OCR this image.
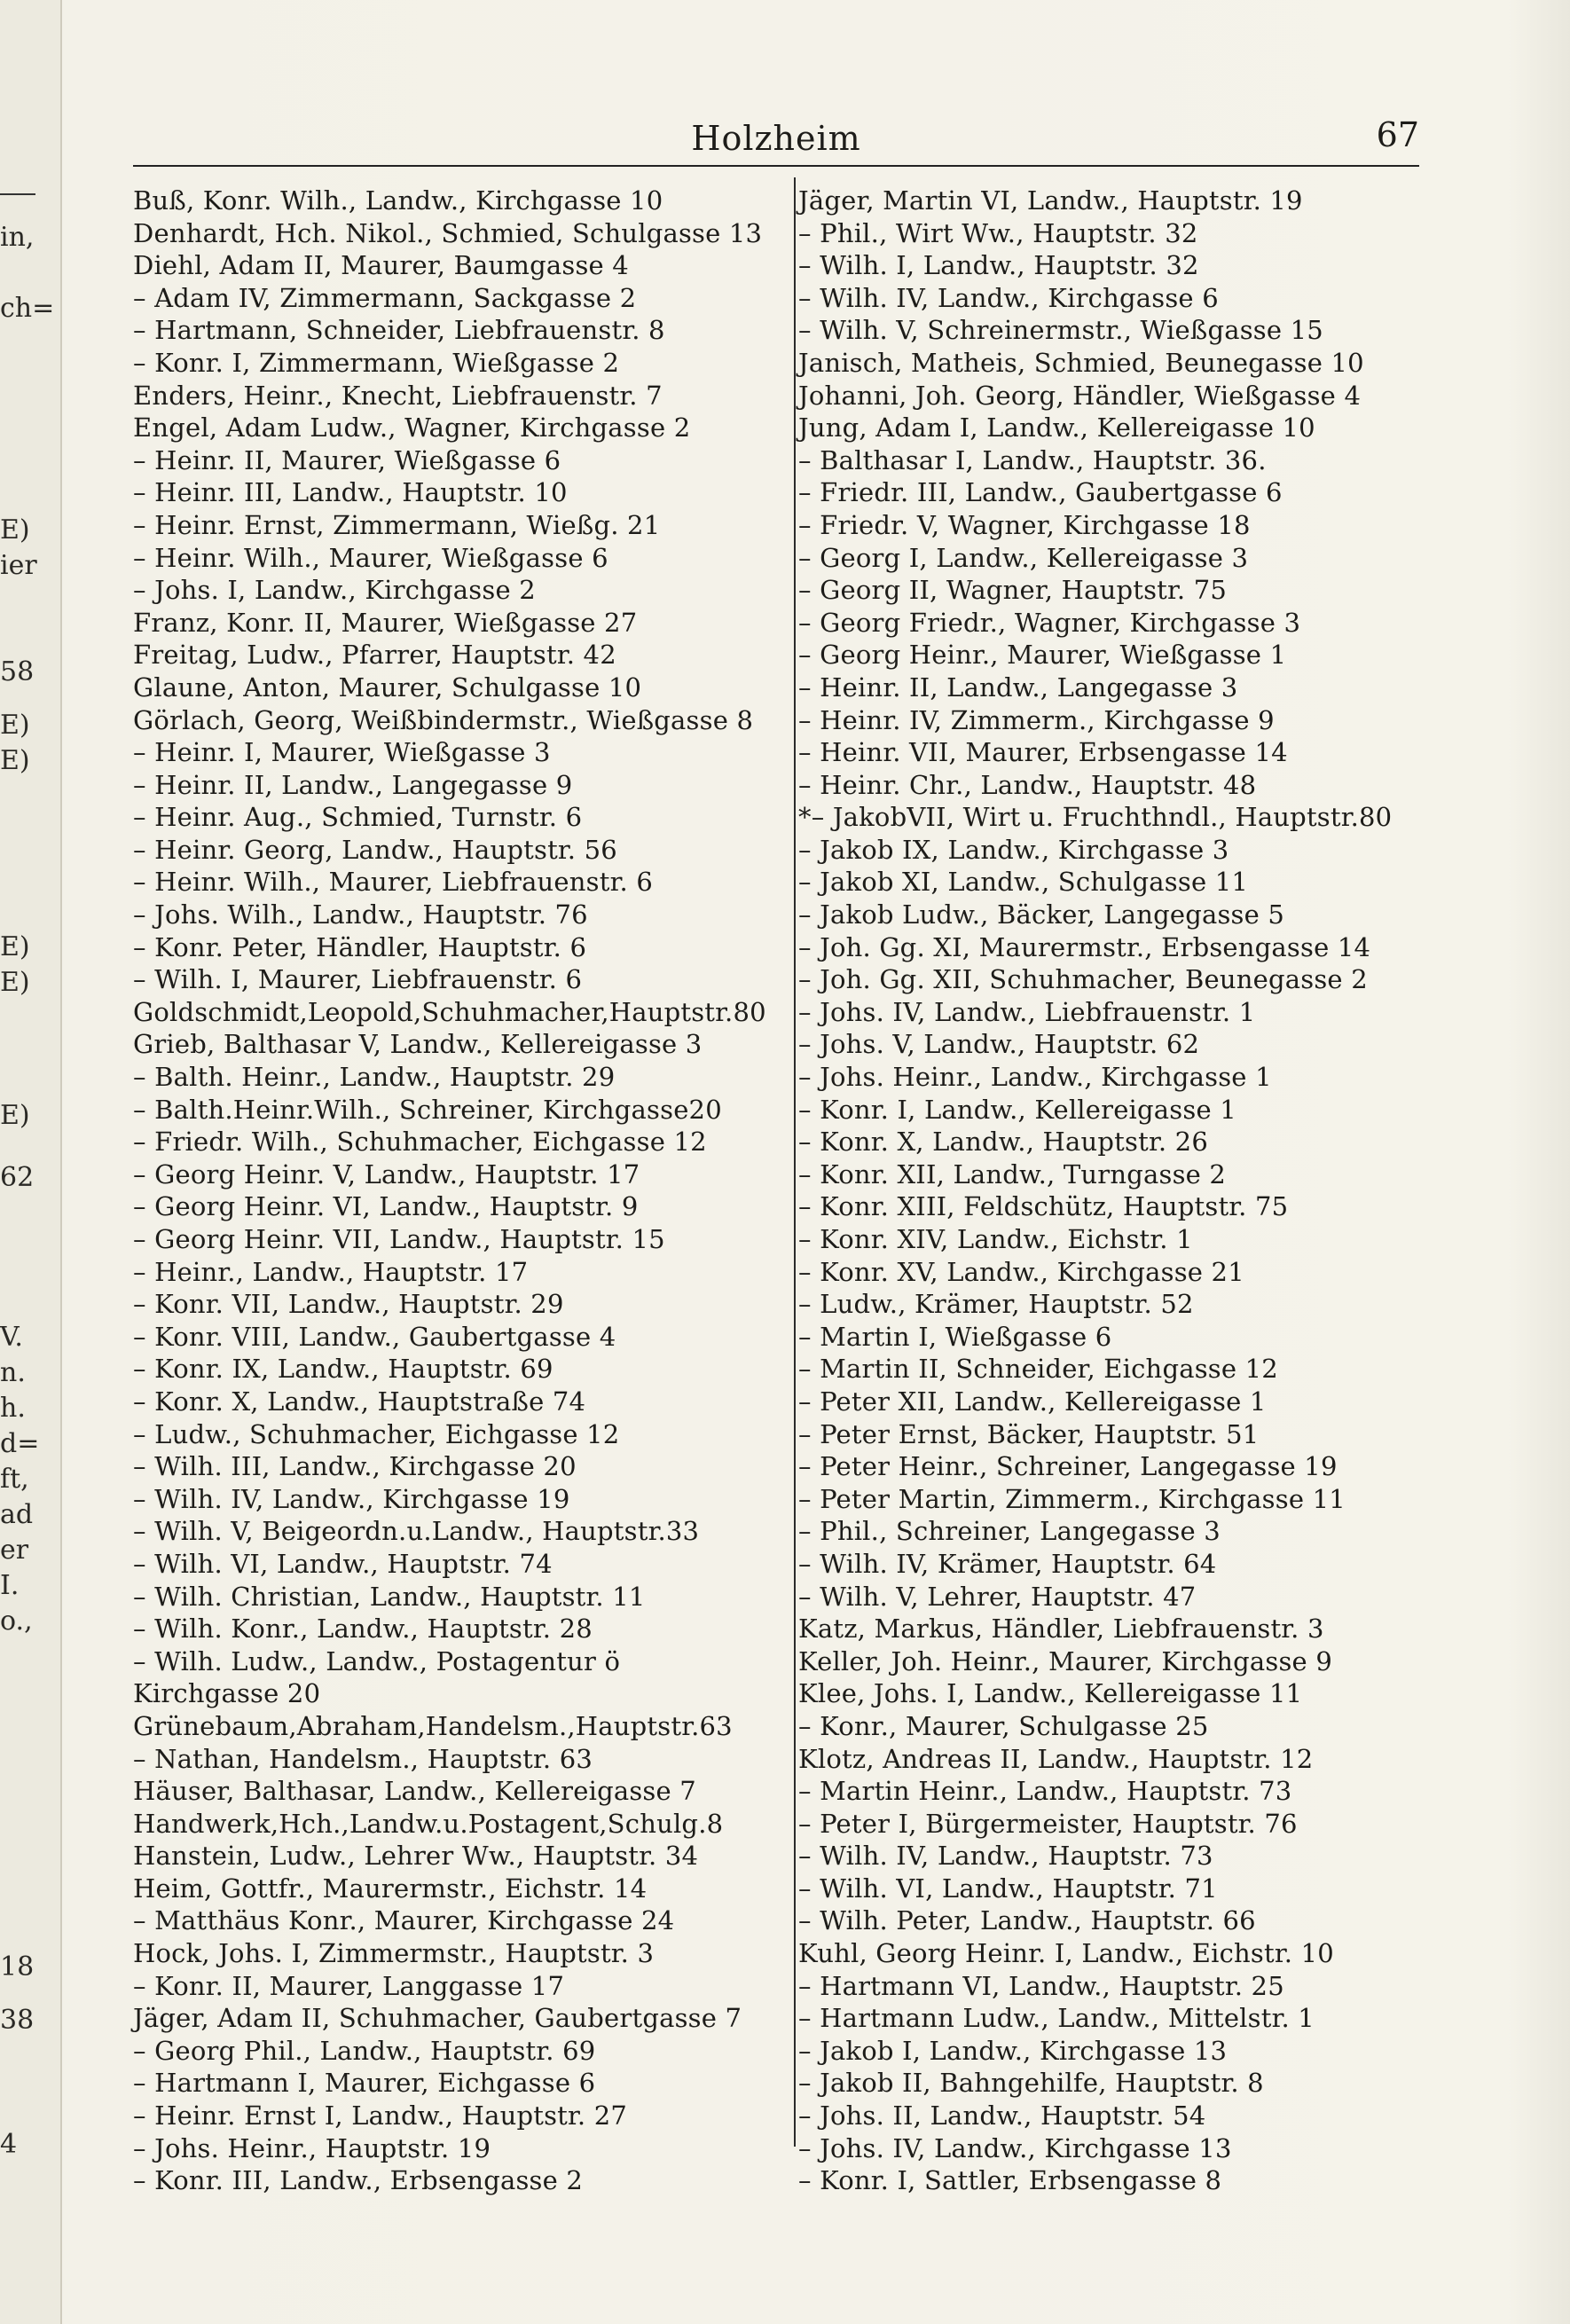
in,
ch=
E)
ier
58
E)
E)
E)
E)
E)
62
V.
n.
h.
d=
ft,
ad
er
I.
o.,
18
38
4
Holzheim	67
Buß, Konr. Wilh., Landw., Kirchgasse 10
Denhardt, Hch. Nikol., Schmied, Schulgasse 13
Diehl, Adam II, Maurer, Baumgasse 4
– Adam IV, Zimmermann, Sackgasse 2
– Hartmann, Schneider, Liebfrauenstr. 8
– Konr. I, Zimmermann, Wießgasse 2
Enders, Heinr., Knecht, Liebfrauenstr. 7
Engel, Adam Ludw., Wagner, Kirchgasse 2
– Heinr. II, Maurer, Wießgasse 6
– Heinr. III, Landw., Hauptstr. 10
– Heinr. Ernst, Zimmermann, Wießg. 21
– Heinr. Wilh., Maurer, Wießgasse 6
– Johs. I, Landw., Kirchgasse 2
Franz, Konr. II, Maurer, Wießgasse 27
Freitag, Ludw., Pfarrer, Hauptstr. 42
Glaune, Anton, Maurer, Schulgasse 10
Görlach, Georg, Weißbindermstr., Wießgasse 8
– Heinr. I, Maurer, Wießgasse 3
– Heinr. II, Landw., Langegasse 9
– Heinr. Aug., Schmied, Turnstr. 6
– Heinr. Georg, Landw., Hauptstr. 56
– Heinr. Wilh., Maurer, Liebfrauenstr. 6
– Johs. Wilh., Landw., Hauptstr. 76
– Konr. Peter, Händler, Hauptstr. 6
– Wilh. I, Maurer, Liebfrauenstr. 6
Goldschmidt,Leopold,Schuhmacher,Hauptstr.80
Grieb, Balthasar V, Landw., Kellereigasse 3
– Balth. Heinr., Landw., Hauptstr. 29
– Balth.Heinr.Wilh., Schreiner, Kirchgasse20
– Friedr. Wilh., Schuhmacher, Eichgasse 12
– Georg Heinr. V, Landw., Hauptstr. 17
– Georg Heinr. VI, Landw., Hauptstr. 9
– Georg Heinr. VII, Landw., Hauptstr. 15
– Heinr., Landw., Hauptstr. 17
– Konr. VII, Landw., Hauptstr. 29
– Konr. VIII, Landw., Gaubertgasse 4
– Konr. IX, Landw., Hauptstr. 69
– Konr. X, Landw., Hauptstraße 74
– Ludw., Schuhmacher, Eichgasse 12
– Wilh. III, Landw., Kirchgasse 20
– Wilh. IV, Landw., Kirchgasse 19
– Wilh. V, Beigeordn.u.Landw., Hauptstr.33
– Wilh. VI, Landw., Hauptstr. 74
– Wilh. Christian, Landw., Hauptstr. 11
– Wilh. Konr., Landw., Hauptstr. 28
– Wilh. Ludw., Landw., Postagentur ö
Kirchgasse 20
Grünebaum,Abraham,Handelsm.,Hauptstr.63
– Nathan, Handelsm., Hauptstr. 63
Häuser, Balthasar, Landw., Kellereigasse 7
Handwerk,Hch.,Landw.u.Postagent,Schulg.8
Hanstein, Ludw., Lehrer Ww., Hauptstr. 34
Heim, Gottfr., Maurermstr., Eichstr. 14
– Matthäus Konr., Maurer, Kirchgasse 24
Hock, Johs. I, Zimmermstr., Hauptstr. 3
– Konr. II, Maurer, Langgasse 17
Jäger, Adam II, Schuhmacher, Gaubertgasse 7
– Georg Phil., Landw., Hauptstr. 69
– Hartmann I, Maurer, Eichgasse 6
– Heinr. Ernst I, Landw., Hauptstr. 27
– Johs. Heinr., Hauptstr. 19
– Konr. III, Landw., Erbsengasse 2
Jäger, Martin VI, Landw., Hauptstr. 19
– Phil., Wirt Ww., Hauptstr. 32
– Wilh. I, Landw., Hauptstr. 32
– Wilh. IV, Landw., Kirchgasse 6
– Wilh. V, Schreinermstr., Wießgasse 15
Janisch, Matheis, Schmied, Beunegasse 10
Johanni, Joh. Georg, Händler, Wießgasse 4
Jung, Adam I, Landw., Kellereigasse 10
– Balthasar I, Landw., Hauptstr. 36.
– Friedr. III, Landw., Gaubertgasse 6
– Friedr. V, Wagner, Kirchgasse 18
– Georg I, Landw., Kellereigasse 3
– Georg II, Wagner, Hauptstr. 75
– Georg Friedr., Wagner, Kirchgasse 3
– Georg Heinr., Maurer, Wießgasse 1
– Heinr. II, Landw., Langegasse 3
– Heinr. IV, Zimmerm., Kirchgasse 9
– Heinr. VII, Maurer, Erbsengasse 14
– Heinr. Chr., Landw., Hauptstr. 48
*– JakobVII, Wirt u. Fruchthndl., Hauptstr.80
– Jakob IX, Landw., Kirchgasse 3
– Jakob XI, Landw., Schulgasse 11
– Jakob Ludw., Bäcker, Langegasse 5
– Joh. Gg. XI, Maurermstr., Erbsengasse 14
– Joh. Gg. XII, Schuhmacher, Beunegasse 2
– Johs. IV, Landw., Liebfrauenstr. 1
– Johs. V, Landw., Hauptstr. 62
– Johs. Heinr., Landw., Kirchgasse 1
– Konr. I, Landw., Kellereigasse 1
– Konr. X, Landw., Hauptstr. 26
– Konr. XII, Landw., Turngasse 2
– Konr. XIII, Feldschütz, Hauptstr. 75
– Konr. XIV, Landw., Eichstr. 1
– Konr. XV, Landw., Kirchgasse 21
– Ludw., Krämer, Hauptstr. 52
– Martin I, Wießgasse 6
– Martin II, Schneider, Eichgasse 12
– Peter XII, Landw., Kellereigasse 1
– Peter Ernst, Bäcker, Hauptstr. 51
– Peter Heinr., Schreiner, Langegasse 19
– Peter Martin, Zimmerm., Kirchgasse 11
– Phil., Schreiner, Langegasse 3
– Wilh. IV, Krämer, Hauptstr. 64
– Wilh. V, Lehrer, Hauptstr. 47
Katz, Markus, Händler, Liebfrauenstr. 3
Keller, Joh. Heinr., Maurer, Kirchgasse 9
Klee, Johs. I, Landw., Kellereigasse 11
– Konr., Maurer, Schulgasse 25
Klotz, Andreas II, Landw., Hauptstr. 12
– Martin Heinr., Landw., Hauptstr. 73
– Peter I, Bürgermeister, Hauptstr. 76
– Wilh. IV, Landw., Hauptstr. 73
– Wilh. VI, Landw., Hauptstr. 71
– Wilh. Peter, Landw., Hauptstr. 66
Kuhl, Georg Heinr. I, Landw., Eichstr. 10
– Hartmann VI, Landw., Hauptstr. 25
– Hartmann Ludw., Landw., Mittelstr. 1
– Jakob I, Landw., Kirchgasse 13
– Jakob II, Bahngehilfe, Hauptstr. 8
– Johs. II, Landw., Hauptstr. 54
– Johs. IV, Landw., Kirchgasse 13
– Konr. I, Sattler, Erbsengasse 8
